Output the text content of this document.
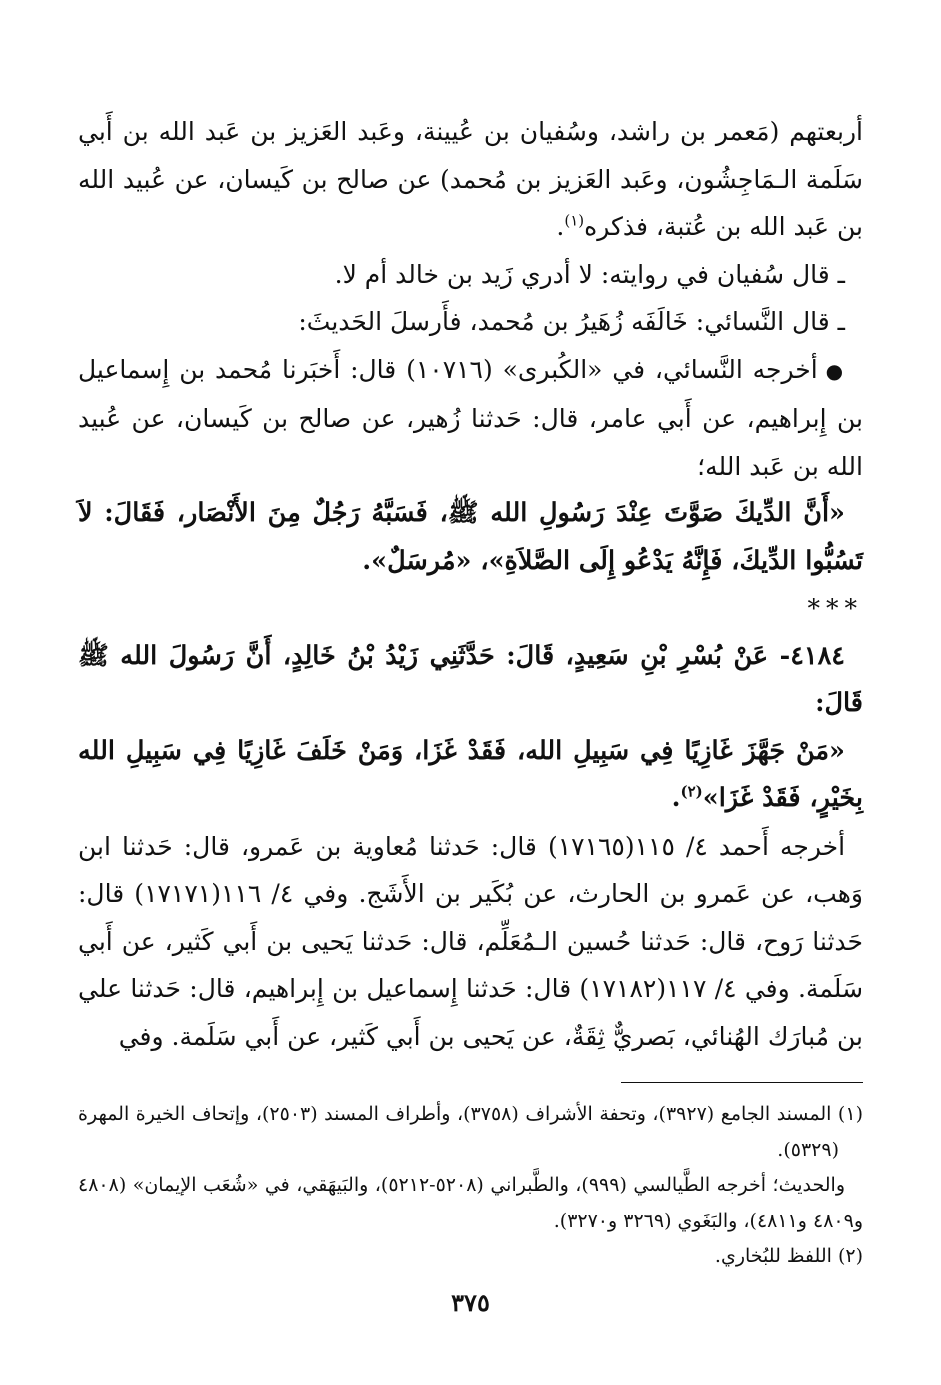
أربعتهم (مَعمر بن راشد، وسُفيان بن عُيينة، وعَبد العَزيز بن عَبد الله بن أَبي سَلَمة الـمَاجِشُون، وعَبد العَزيز بن مُحمد) عن صالح بن كَيسان، عن عُبيد الله بن عَبد الله بن عُتبة، فذكره$^{(١)}$.

ـ قال سُفيان في روايته: لا أدري زَيد بن خالد أم لا.

ـ قال النَّسائي: خَالَفَه زُهَيرُ بن مُحمد، فأَرسلَ الحَديثَ:

●أخرجه النَّسائي، في «الكُبرى» (١٠٧١٦) قال: أَخبَرنا مُحمد بن إِسماعيل بن إِبراهيم، عن أَبي عامر، قال: حَدثنا زُهير، عن صالح بن كَيسان، عن عُبيد الله بن عَبد الله؛

«أَنَّ الدِّيكَ صَوَّتَ عِنْدَ رَسُولِ الله ﷺ، فَسَبَّهُ رَجُلٌ مِنَ الأَنْصَار، فَقَالَ: لاَ تَسُبُّوا الدِّيكَ، فَإِنَّهُ يَدْعُو إِلَى الصَّلاَةِ»، «مُرسَلٌ».

***

٤١٨٤- عَنْ بُسْرِ بْنِ سَعِيدٍ، قَالَ: حَدَّثَنِي زَيْدُ بْنُ خَالِدٍ، أَنَّ رَسُولَ الله ﷺ قَالَ:

«مَنْ جَهَّزَ غَازِيًا فِي سَبِيلِ الله، فَقَدْ غَزَا، وَمَنْ خَلَفَ غَازِيًا فِي سَبِيلِ الله بِخَيْرٍ، فَقَدْ غَزَا»$^{(٢)}$.

أخرجه أَحمد ٤/ ١١٥(١٧١٦٥) قال: حَدثنا مُعاوية بن عَمرو، قال: حَدثنا ابن وَهب، عن عَمرو بن الحارث، عن بُكَير بن الأَشَج. وفي ٤/ ١١٦(١٧١٧١) قال: حَدثنا رَوح، قال: حَدثنا حُسين الـمُعَلِّم، قال: حَدثنا يَحيى بن أَبي كَثير، عن أَبي سَلَمة. وفي ٤/ ١١٧(١٧١٨٢) قال: حَدثنا إِسماعيل بن إِبراهيم، قال: حَدثنا علي بن مُبارَك الهُنائي، بَصريٌّ ثِقَةٌ، عن يَحيى بن أَبي كَثير، عن أَبي سَلَمة. وفي

(١) المسند الجامع (٣٩٢٧)، وتحفة الأشراف (٣٧٥٨)، وأطراف المسند (٢٥٠٣)، وإتحاف الخيرة المهرة (٥٣٢٩).

والحديث؛ أخرجه الطَّيالسي (٩٩٩)، والطَّبراني (٥٢٠٨-٥٢١٢)، والبَيهَقي، في «شُعَب الإيمان» (٤٨٠٨ و٤٨٠٩ و٤٨١١)، والبَغَوي (٣٢٦٩ و٣٢٧٠).

(٢) اللفظ للبُخاري.

٣٧٥
